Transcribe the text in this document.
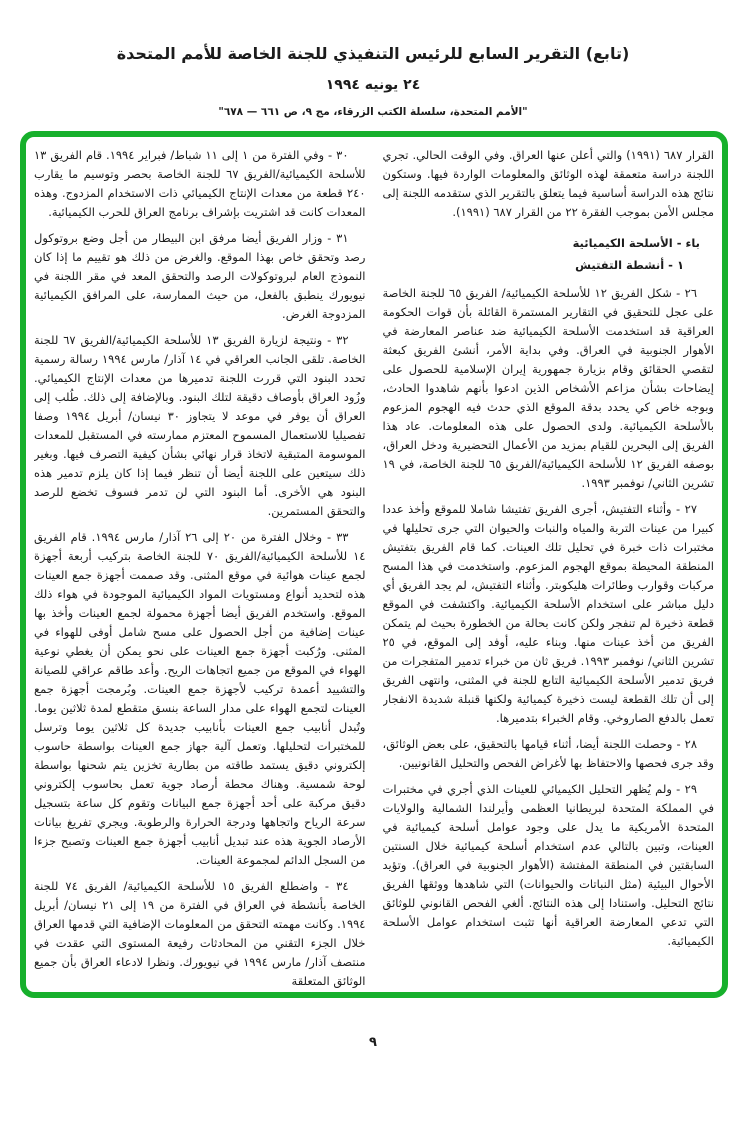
(تابع) التقرير السابع للرئيس التنفيذي للجنة الخاصة للأمم المتحدة
٢٤ يونيه ١٩٩٤
"الأمم المتحدة، سلسلة الكتب الزرقاء، مج ٩، ص ٦٦١ — ٦٧٨"

القرار ٦٨٧ (١٩٩١) والتي أعلن عنها العراق. وفي الوقت الحالي. تجري اللجنة دراسة متعمقة لهذه الوثائق والمعلومات الواردة فيها. وستكون نتائج هذه الدراسة أساسية فيما يتعلق بالتقرير الذي ستقدمه اللجنة إلى مجلس الأمن بموجب الفقرة ٢٢ من القرار ٦٨٧ (١٩٩١).

باء - الأسلحة الكيميائية

١ - أنشطة التفتيش

٢٦ - شكل الفريق ١٢ للأسلحة الكيميائية/ الفريق ٦٥ للجنة الخاصة على عجل للتحقيق في التقارير المستمرة القائلة بأن قوات الحكومة العراقية قد استخدمت الأسلحة الكيميائية ضد عناصر المعارضة في الأهوار الجنوبية في العراق. وفي بداية الأمر، أنشئ الفريق كبعثة لتقصي الحقائق وقام بزيارة جمهورية إيران الإسلامية للحصول على إيضاحات بشأن مزاعم الأشخاص الذين ادعوا بأنهم شاهدوا الحادث، وبوجه خاص كي يحدد بدقة الموقع الذي حدث فيه الهجوم المزعوم بالأسلحة الكيميائية. ولدى الحصول على هذه المعلومات. عاد هذا الفريق إلى البحرين للقيام بمزيد من الأعمال التحضيرية ودخل العراق، بوصفه الفريق ١٢ للأسلحة الكيميائية/الفريق ٦٥ للجنة الخاصة، في ١٩ تشرين الثاني/ نوفمبر ١٩٩٣.

٢٧ - وأثناء التفتيش، أجرى الفريق تفتيشا شاملا للموقع وأخذ عددا كبيرا من عينات التربة والمياه والنبات والحيوان التي جرى تحليلها في مختبرات ذات خبرة في تحليل تلك العينات. كما قام الفريق بتفتيش المنطقة المحيطة بموقع الهجوم المزعوم. واستخدمت في هذا المسح مركبات وقوارب وطائرات هليكوبتر. وأثناء التفتيش، لم يجد الفريق أي دليل مباشر على استخدام الأسلحة الكيميائية. واكتشفت في الموقع قطعة ذخيرة لم تنفجر ولكن كانت بحالة من الخطورة بحيث لم يتمكن الفريق من أخذ عينات منها. وبناء عليه، أوفد إلى الموقع، في ٢٥ تشرين الثاني/ نوفمبر ١٩٩٣. فريق ثان من خبراء تدمير المتفجرات من فريق تدمير الأسلحة الكيميائية التابع للجنة في المثنى، وانتهى الفريق إلى أن تلك القطعة ليست ذخيرة كيميائية ولكنها قنبلة شديدة الانفجار تعمل بالدفع الصاروخي. وقام الخبراء بتدميرها.

٢٨ - وحصلت اللجنة أيضا، أثناء قيامها بالتحقيق، على بعض الوثائق، وقد جرى فحصها والاحتفاظ بها لأغراض الفحص والتحليل القانونيين.

٢٩ - ولم يُظهر التحليل الكيميائي للعينات الذي أجري في مختبرات في المملكة المتحدة لبريطانيا العظمى وأيرلندا الشمالية والولايات المتحدة الأمريكية ما يدل على وجود عوامل أسلحة كيميائية في العينات، وتبين بالتالي عدم استخدام أسلحة كيميائية خلال السنتين السابقتين في المنطقة المفتشة (الأهوار الجنوبية في العراق). وتؤيد الأحوال البيئية (مثل النباتات والحيوانات) التي شاهدها ووثقها الفريق نتائج التحليل. واستنادا إلى هذه النتائج. ألغي الفحص القانوني للوثائق التي تدعي المعارضة العراقية أنها تثبت استخدام عوامل الأسلحة الكيميائية.

٣٠ - وفي الفترة من ١ إلى ١١ شباط/ فبراير ١٩٩٤. قام الفريق ١٣ للأسلحة الكيميائية/الفريق ٦٧ للجنة الخاصة بحصر وتوسيم ما يقارب ٢٤٠ قطعة من معدات الإنتاج الكيميائي ذات الاستخدام المزدوج. وهذه المعدات كانت قد اشتريت بإشراف برنامج العراق للحرب الكيميائية.

٣١ - وزار الفريق أيضا مرفق ابن البيطار من أجل وضع بروتوكول رصد وتحقق خاص بهذا الموقع. والغرض من ذلك هو تقييم ما إذا كان النموذج العام لبروتوكولات الرصد والتحقق المعد في مقر اللجنة في نيويورك ينطبق بالفعل، من حيث الممارسة، على المرافق الكيميائية المزدوجة الغرض.

٣٢ - ونتيجة لزيارة الفريق ١٣ للأسلحة الكيميائية/الفريق ٦٧ للجنة الخاصة. تلقى الجانب العراقي في ١٤ آذار/ مارس ١٩٩٤ رسالة رسمية تحدد البنود التي قررت اللجنة تدميرها من معدات الإنتاج الكيميائي. وزُود العراق بأوصاف دقيقة لتلك البنود. وبالإضافة إلى ذلك. طُلب إلى العراق أن يوفر في موعد لا يتجاوز ٣٠ نيسان/ أبريل ١٩٩٤ وصفا تفصيليا للاستعمال المسموح المعتزم ممارسته في المستقبل للمعدات الموسومة المتبقية لاتخاذ قرار نهائي بشأن كيفية التصرف فيها. وبغير ذلك سيتعين على اللجنة أيضا أن تنظر فيما إذا كان يلزم تدمير هذه البنود هي الأخرى. أما البنود التي لن تدمر فسوف تخضع للرصد والتحقق المستمرين.

٣٣ - وخلال الفترة من ٢٠ إلى ٢٦ آذار/ مارس ١٩٩٤. قام الفريق ١٤ للأسلحة الكيميائية/الفريق ٧٠ للجنة الخاصة بتركيب أربعة أجهزة لجمع عينات هوائية في موقع المثنى. وقد صممت أجهزة جمع العينات هذه لتحديد أنواع ومستويات المواد الكيميائية الموجودة في هواء ذلك الموقع. واستخدم الفريق أيضا أجهزة محمولة لجمع العينات وأخذ بها عينات إضافية من أجل الحصول على مسح شامل أوفى للهواء في المثنى. ورُكبت أجهزة جمع العينات على نحو يمكن أن يغطي نوعية الهواء في الموقع من جميع اتجاهات الريح. وأعد طاقم عراقي للصيانة والتشييد أعمدة تركيب لأجهزة جمع العينات. وبُرمجت أجهزة جمع العينات لتجمع الهواء على مدار الساعة بنسق متقطع لمدة ثلاثين يوما. وتُبدل أنابيب جمع العينات بأنابيب جديدة كل ثلاثين يوما وترسل للمختبرات لتحليلها. وتعمل آلية جهاز جمع العينات بواسطة حاسوب إلكتروني دقيق يستمد طاقته من بطارية تخزين يتم شحنها بواسطة لوحة شمسية. وهناك محطة أرصاد جوية تعمل بحاسوب إلكتروني دقيق مركبة على أحد أجهزة جمع البيانات وتقوم كل ساعة بتسجيل سرعة الرياح واتجاهها ودرجة الحرارة والرطوبة. ويجري تفريغ بيانات الأرصاد الجوية هذه عند تبديل أنابيب أجهزة جمع العينات وتصبح جزءا من السجل الدائم لمجموعة العينات.

٣٤ - واضطلع الفريق ١٥ للأسلحة الكيميائية/ الفريق ٧٤ للجنة الخاصة بأنشطة في العراق في الفترة من ١٩ إلى ٢١ نيسان/ أبريل ١٩٩٤. وكانت مهمته التحقق من المعلومات الإضافية التي قدمها العراق خلال الجزء التقني من المحادثات رفيعة المستوى التي عقدت في منتصف آذار/ مارس ١٩٩٤ في نيويورك. ونظرا لادعاء العراق بأن جميع الوثائق المتعلقة

٩
